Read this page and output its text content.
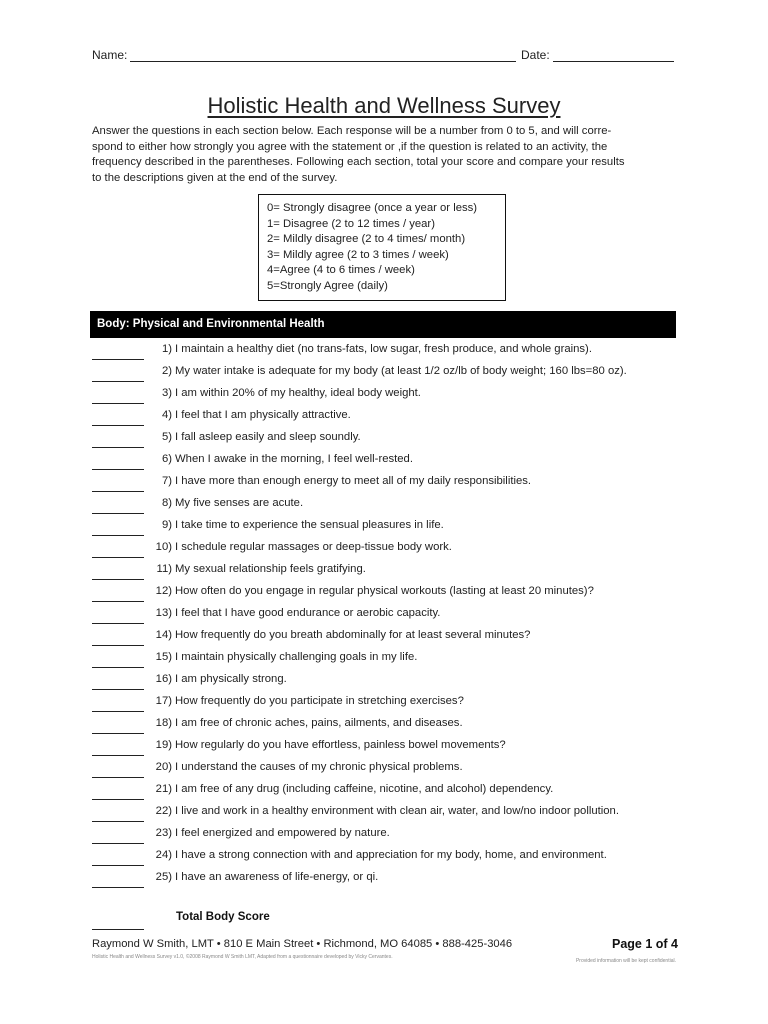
Name:	Date:
Holistic Health and Wellness Survey
Answer the questions in each section below. Each response will be a number from 0 to 5, and will corre-
spond to either how strongly you agree with the statement or ,if the question is related to an activity, the
frequency described in the parentheses. Following each section, total your score and compare your results
to the descriptions given at the end of the survey.
0= Strongly disagree (once a year or less)
1= Disagree (2 to 12 times / year)
2= Mildly disagree (2 to 4 times/ month)
3= Mildly agree (2 to 3 times / week)
4=Agree (4 to 6 times / week)
5=Strongly Agree (daily)
Body: Physical and Environmental Health
1) I maintain a healthy diet (no trans-fats, low sugar, fresh produce, and whole grains).
2) My water intake is adequate for my body (at least 1/2 oz/lb of body weight; 160 lbs=80 oz).
3) I am within 20% of my healthy, ideal body weight.
4) I feel that I am physically attractive.
5) I fall asleep easily and sleep soundly.
6) When I awake in the morning, I feel well-rested.
7) I have more than enough energy to meet all of my daily responsibilities.
8) My five senses are acute.
9) I take time to experience the sensual pleasures in life.
10) I schedule regular massages or deep-tissue body work.
11) My sexual relationship feels gratifying.
12) How often do you engage in regular physical workouts (lasting at least 20 minutes)?
13) I feel that I have good endurance or aerobic capacity.
14) How frequently do you breath abdominally for at least several minutes?
15) I maintain physically challenging goals in my life.
16) I am physically strong.
17) How frequently do you participate in stretching exercises?
18) I am free of chronic aches, pains, ailments, and diseases.
19) How regularly do you have effortless, painless bowel movements?
20) I understand the causes of my chronic physical problems.
21) I am free of any drug (including caffeine, nicotine, and alcohol) dependency.
22) I live and work in a healthy environment with clean air, water, and low/no indoor pollution.
23) I feel energized and empowered by nature.
24) I have a strong connection with and appreciation for my body, home, and environment.
25) I have an awareness of life-energy, or qi.
Total Body Score
Raymond W Smith, LMT • 810 E Main Street • Richmond, MO 64085 • 888-425-3046	Page 1 of 4
Holistic Health and Wellness Survey v1.0, ©2008 Raymond W Smith LMT, Adapted from a questionnaire developed by Vicky Cervantes.
Provided information will be kept confidential.
